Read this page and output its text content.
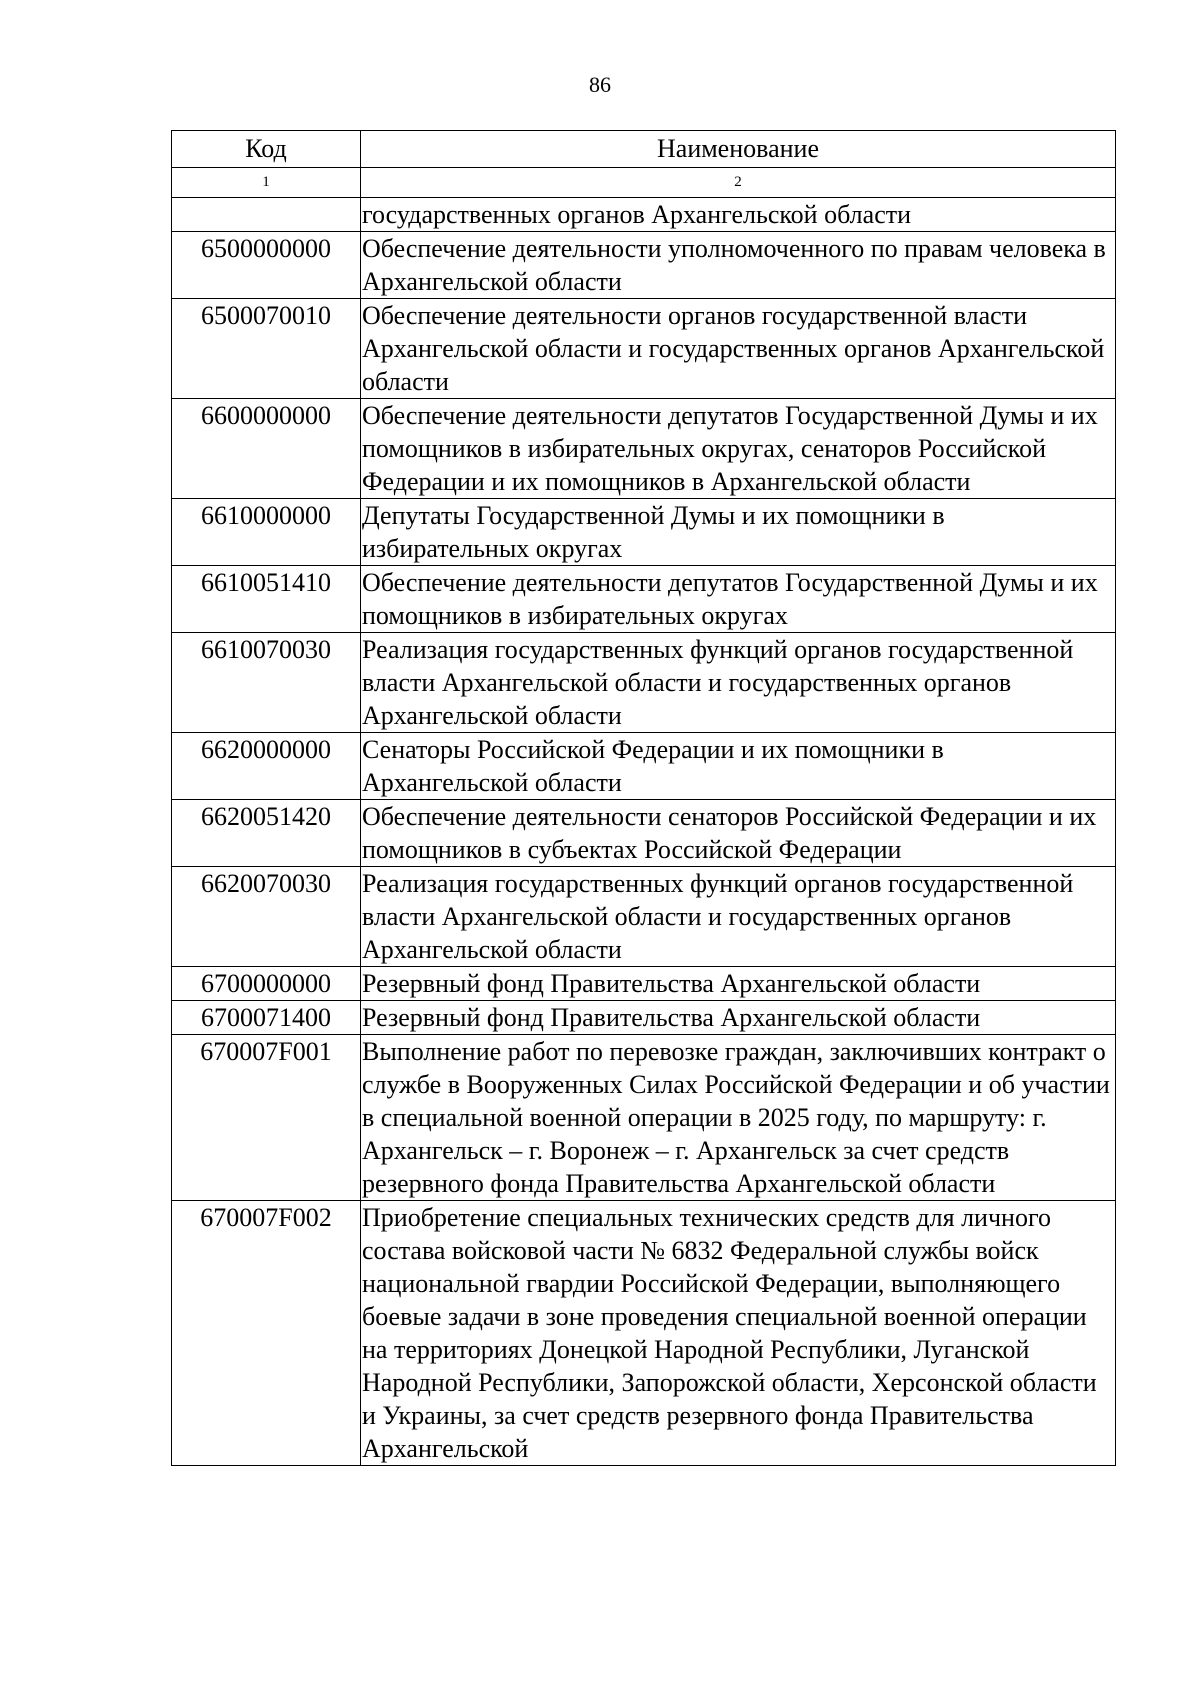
86
Код	Наименование
1	2
	государственных органов Архангельской области
6500000000	Обеспечение деятельности уполномоченного по правам человека в Архангельской области
6500070010	Обеспечение деятельности органов государственной власти Архангельской области и государственных органов Архангельской области
6600000000	Обеспечение деятельности депутатов Государственной Думы и их помощников в избирательных округах, сенаторов Российской Федерации и их помощников в Архангельской области
6610000000	Депутаты Государственной Думы и их помощники в избирательных округах
6610051410	Обеспечение деятельности депутатов Государственной Думы и их помощников в избирательных округах
6610070030	Реализация государственных функций органов государственной власти Архангельской области и государственных органов Архангельской области
6620000000	Сенаторы Российской Федерации и их помощники в Архангельской области
6620051420	Обеспечение деятельности сенаторов Российской Федерации и их помощников в субъектах Российской Федерации
6620070030	Реализация государственных функций органов государственной власти Архангельской области и государственных органов Архангельской области
6700000000	Резервный фонд Правительства Архангельской области
6700071400	Резервный фонд Правительства Архангельской области
670007F001	Выполнение работ по перевозке граждан, заключивших контракт о службе в Вооруженных Силах Российской Федерации и об участии в специальной военной операции в 2025 году, по маршруту: г. Архангельск – г. Воронеж – г. Архангельск за счет средств резервного фонда Правительства Архангельской области
670007F002	Приобретение специальных технических средств для личного состава войсковой части № 6832 Федеральной службы войск национальной гвардии Российской Федерации, выполняющего боевые задачи в зоне проведения специальной военной операции на территориях Донецкой Народной Республики, Луганской Народной Республики, Запорожской области, Херсонской области и Украины, за счет средств резервного фонда Правительства Архангельской
